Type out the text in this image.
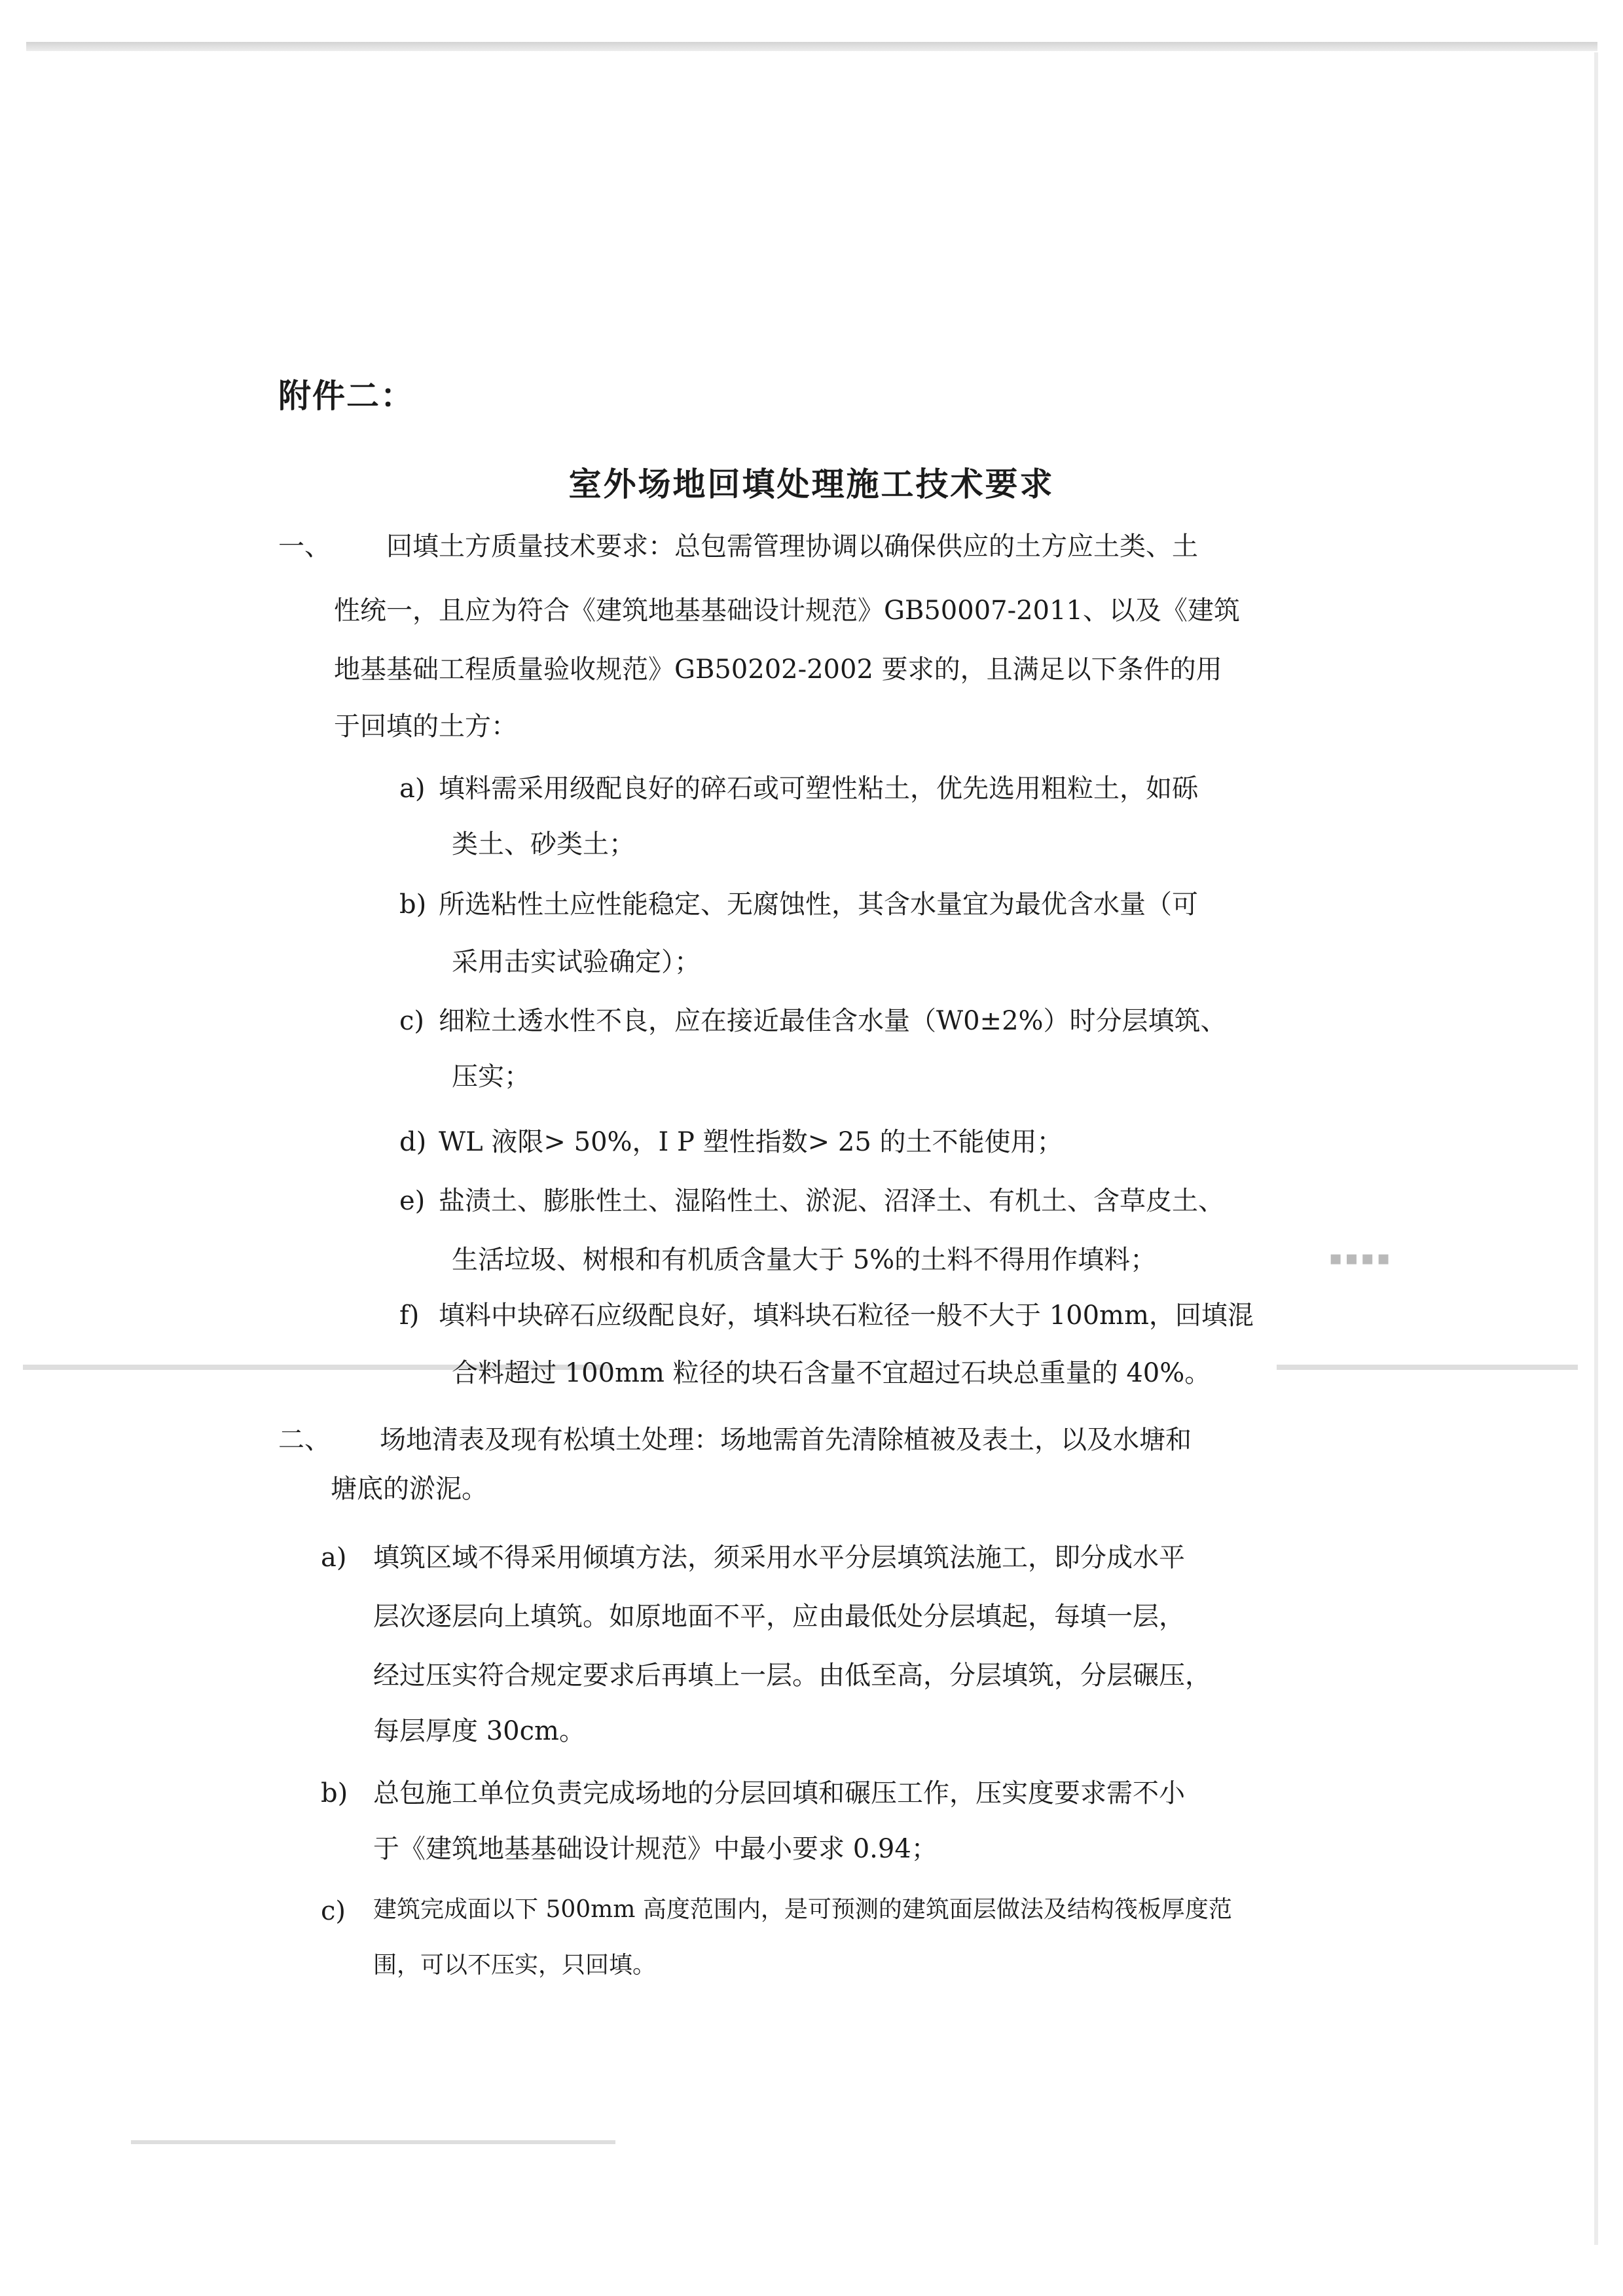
▪▪▪▪
附件二：
室外场地回填处理施工技术要求
一、 回填土方质量技术要求：总包需管理协调以确保供应的土方应土类、土
性统一，且应为符合《建筑地基基础设计规范》GB50007-2011、以及《建筑
地基基础工程质量验收规范》GB50202-2002 要求的，且满足以下条件的用
于回填的土方：
a) 填料需采用级配良好的碎石或可塑性粘土，优先选用粗粒土，如砾
类土、砂类土；
b) 所选粘性土应性能稳定、无腐蚀性，其含水量宜为最优含水量（可
采用击实试验确定）；
c) 细粒土透水性不良，应在接近最佳含水量（W0±2%）时分层填筑、
压实；
d) WL 液限> 50%，I P 塑性指数> 25 的土不能使用；
e) 盐渍土、膨胀性土、湿陷性土、淤泥、沼泽土、有机土、含草皮土、
生活垃圾、树根和有机质含量大于 5%的土料不得用作填料；
f) 填料中块碎石应级配良好，填料块石粒径一般不大于 100mm，回填混
合料超过 100mm 粒径的块石含量不宜超过石块总重量的 40%。
二、 场地清表及现有松填土处理：场地需首先清除植被及表土，以及水塘和
塘底的淤泥。
a) 填筑区域不得采用倾填方法，须采用水平分层填筑法施工，即分成水平
层次逐层向上填筑。如原地面不平，应由最低处分层填起，每填一层，
经过压实符合规定要求后再填上一层。由低至高，分层填筑，分层碾压，
每层厚度 30cm。
b) 总包施工单位负责完成场地的分层回填和碾压工作，压实度要求需不小
于《建筑地基基础设计规范》中最小要求 0.94；
c) 建筑完成面以下 500mm 高度范围内，是可预测的建筑面层做法及结构筏板厚度范
围，可以不压实，只回填。
